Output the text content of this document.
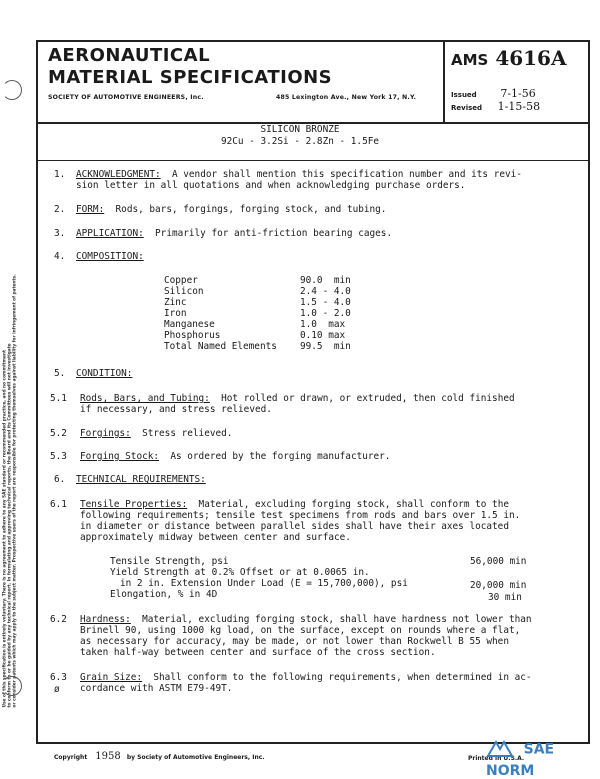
Use of this specification is entirely voluntary. There is no agreement to adhere to any SAE standard or recommended practice, and no commitment to conform to or be guided by any technical report. In formulating and approving technical reports, the Board and its Committees will not investigate or consider patents which may apply to the subject matter. Prospective users of the report are responsible for protecting themselves against liability for infringement of patents.
AERONAUTICAL
MATERIAL SPECIFICATIONS
SOCIETY OF AUTOMOTIVE ENGINEERS, Inc.	485 Lexington Ave., New York 17, N.Y.
AMS 4616A
Issued 7-1-56
Revised 1-15-58
SILICON BRONZE
92Cu - 3.2Si - 2.8Zn - 1.5Fe
1. ACKNOWLEDGMENT: A vendor shall mention this specification number and its revi-
sion letter in all quotations and when acknowledging purchase orders.
2. FORM: Rods, bars, forgings, forging stock, and tubing.
3. APPLICATION: Primarily for anti-friction bearing cages.
4. COMPOSITION:
Copper	90.0  min
Silicon	2.4 - 4.0
Zinc	1.5 - 4.0
Iron	1.0 - 2.0
Manganese	1.0  max
Phosphorus	0.10 max
Total Named Elements 99.5  min
5. CONDITION:
5.1 Rods, Bars, and Tubing: Hot rolled or drawn, or extruded, then cold finished
if necessary, and stress relieved.
5.2 Forgings: Stress relieved.
5.3 Forging Stock: As ordered by the forging manufacturer.
6. TECHNICAL REQUIREMENTS:
6.1 Tensile Properties: Material, excluding forging stock, shall conform to the
following requirements; tensile test specimens from rods and bars over 1.5 in.
in diameter or distance between parallel sides shall have their axes located
approximately midway between center and surface.
Tensile Strength, psi	56,000 min
Yield Strength at 0.2% Offset or at 0.0065 in.
in 2 in. Extension Under Load (E = 15,700,000), psi	20,000 min
Elongation, % in 4D	30 min
6.2 Hardness: Material, excluding forging stock, shall have hardness not lower than
Brinell 90, using 1000 kg load, on the surface, except on rounds where a flat,
as necessary for accuracy, may be made, or not lower than Rockwell B 55 when
taken half-way between center and surface of the cross section.
6.3
ø
Grain Size: Shall conform to the following requirements, when determined in ac-
cordance with ASTM E79-49T.
Copyright 1958 by Society of Automotive Engineers, Inc.	Printed in U.S.A.
SAE NORM
